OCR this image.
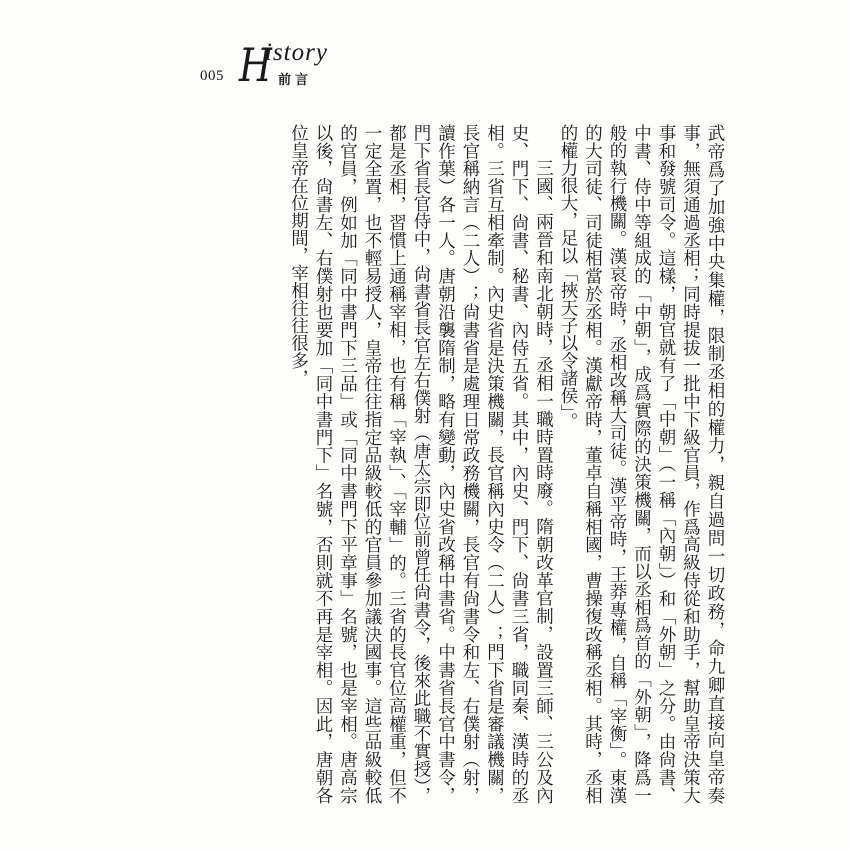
005 H
istory
前言

武帝爲了加強中央集權，限制丞相的權力，親自過問一切政務，命九卿直接向皇帝奏事，無須通過丞相；同時提拔一批中下級官員，作爲高級侍從和助手，幫助皇帝決策大事和發號司令。這樣，朝官就有了「中朝」（一稱「內朝」）和「外朝」之分。由尙書、中書、侍中等組成的「中朝」，成爲實際的決策機關，而以丞相爲首的「外朝」，降爲一般的執行機關。漢哀帝時，丞相改稱大司徒。漢平帝時，王莽專權，自稱「宰衡」。東漢的大司徒、司徒相當於丞相。漢獻帝時，董卓自稱相國，曹操復改稱丞相。其時，丞相的權力很大，足以「挾天子以令諸侯」。

三國、兩晉和南北朝時，丞相一職時置時廢。隋朝改革官制，設置三師、三公及內史、門下、尙書、秘書、內侍五省。其中，內史、門下、尙書三省，職同秦、漢時的丞相。三省互相牽制。內史省是決策機關，長官稱內史令（二人）；門下省是審議機關，長官稱納言（二人）；尙書省是處理日常政務機關，長官有尙書令和左、右僕射（射，讀作葉）各一人。唐朝沿襲隋制，略有變動，內史省改稱中書省。中書省長官中書令，門下省長官侍中，尙書省長官左右僕射（唐太宗即位前曾任尙書令，後來此職不實授），都是丞相，習慣上通稱宰相，也有稱「宰執」、「宰輔」的。三省的長官位高權重，但不一定全置，也不輕易授人，皇帝往往指定品級較低的官員參加議決國事。這些品級較低的官員，例如加「同中書門下三品」或「同中書門下平章事」名號，也是宰相。唐高宗以後，尙書左、右僕射也要加「同中書門下」名號，否則就不再是宰相。因此，唐朝各位皇帝在位期間，宰相往往很多，
